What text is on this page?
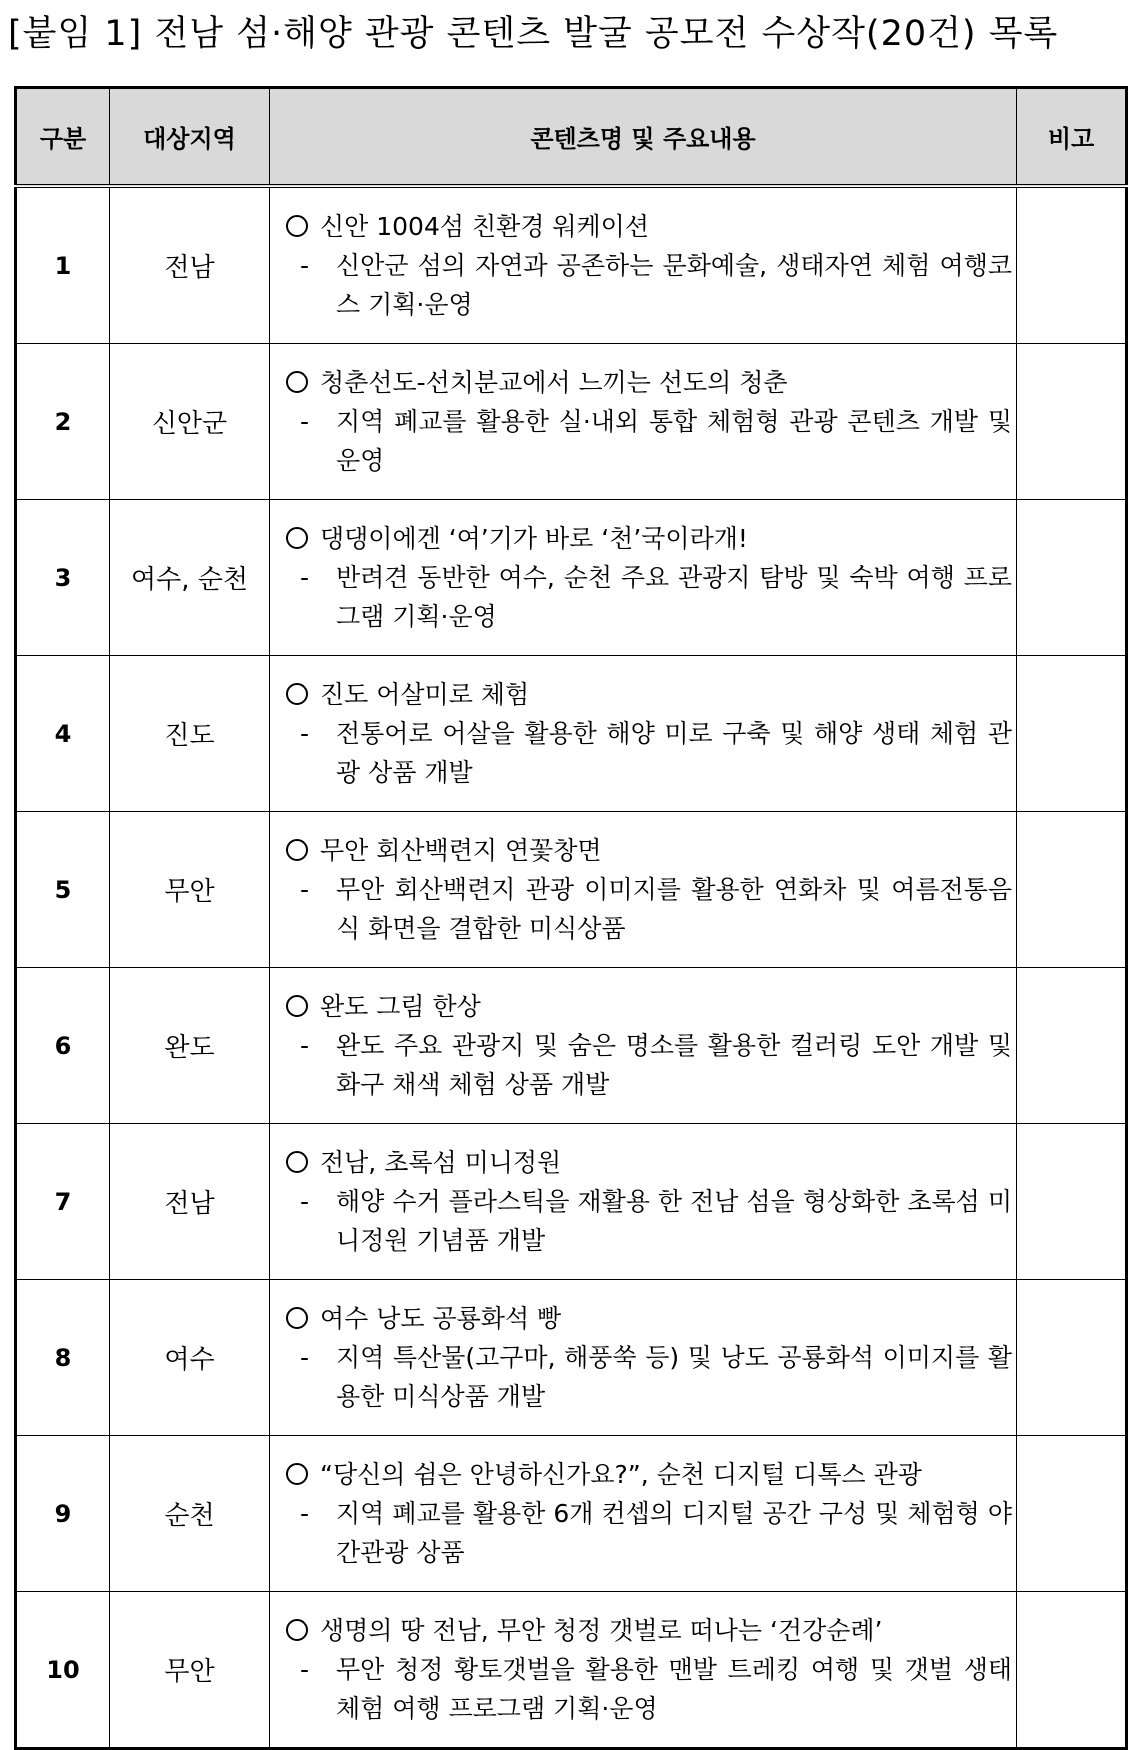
[붙임 1] 전남 섬·해양 관광 콘텐츠 발굴 공모전 수상작(20건) 목록
구분	대상지역	콘텐츠명 및 주요내용	비고
1	전남	신안 1004섬 친환경 워케이션
- 신안군 섬의 자연과 공존하는 문화예술, 생태자연 체험 여행코스 기획·운영	

2	신안군	청춘선도-선치분교에서 느끼는 선도의 청춘
- 지역 폐교를 활용한 실·내외 통합 체험형 관광 콘텐츠 개발 및 운영	

3	여수, 순천	댕댕이에겐 ‘여’기가 바로 ‘천’국이라개!
- 반려견 동반한 여수, 순천 주요 관광지 탐방 및 숙박 여행 프로그램 기획·운영	

4	진도	진도 어살미로 체험
- 전통어로 어살을 활용한 해양 미로 구축 및 해양 생태 체험 관광 상품 개발	

5	무안	무안 회산백련지 연꽃창면
- 무안 회산백련지 관광 이미지를 활용한 연화차 및 여름전통음식 화면을 결합한 미식상품	

6	완도	완도 그림 한상
- 완도 주요 관광지 및 숨은 명소를 활용한 컬러링 도안 개발 및 화구 채색 체험 상품 개발	

7	전남	전남, 초록섬 미니정원
- 해양 수거 플라스틱을 재활용 한 전남 섬을 형상화한 초록섬 미니정원 기념품 개발	

8	여수	여수 낭도 공룡화석 빵
- 지역 특산물(고구마, 해풍쑥 등) 및 낭도 공룡화석 이미지를 활용한 미식상품 개발	

9	순천	“당신의 쉼은 안녕하신가요?”, 순천 디지털 디톡스 관광
- 지역 폐교를 활용한 6개 컨셉의 디지털 공간 구성 및 체험형 야간관광 상품	

10	무안	생명의 땅 전남, 무안 청정 갯벌로 떠나는 ‘건강순례’
- 무안 청정 황토갯벌을 활용한 맨발 트레킹 여행 및 갯벌 생태 체험 여행 프로그램 기획·운영	
